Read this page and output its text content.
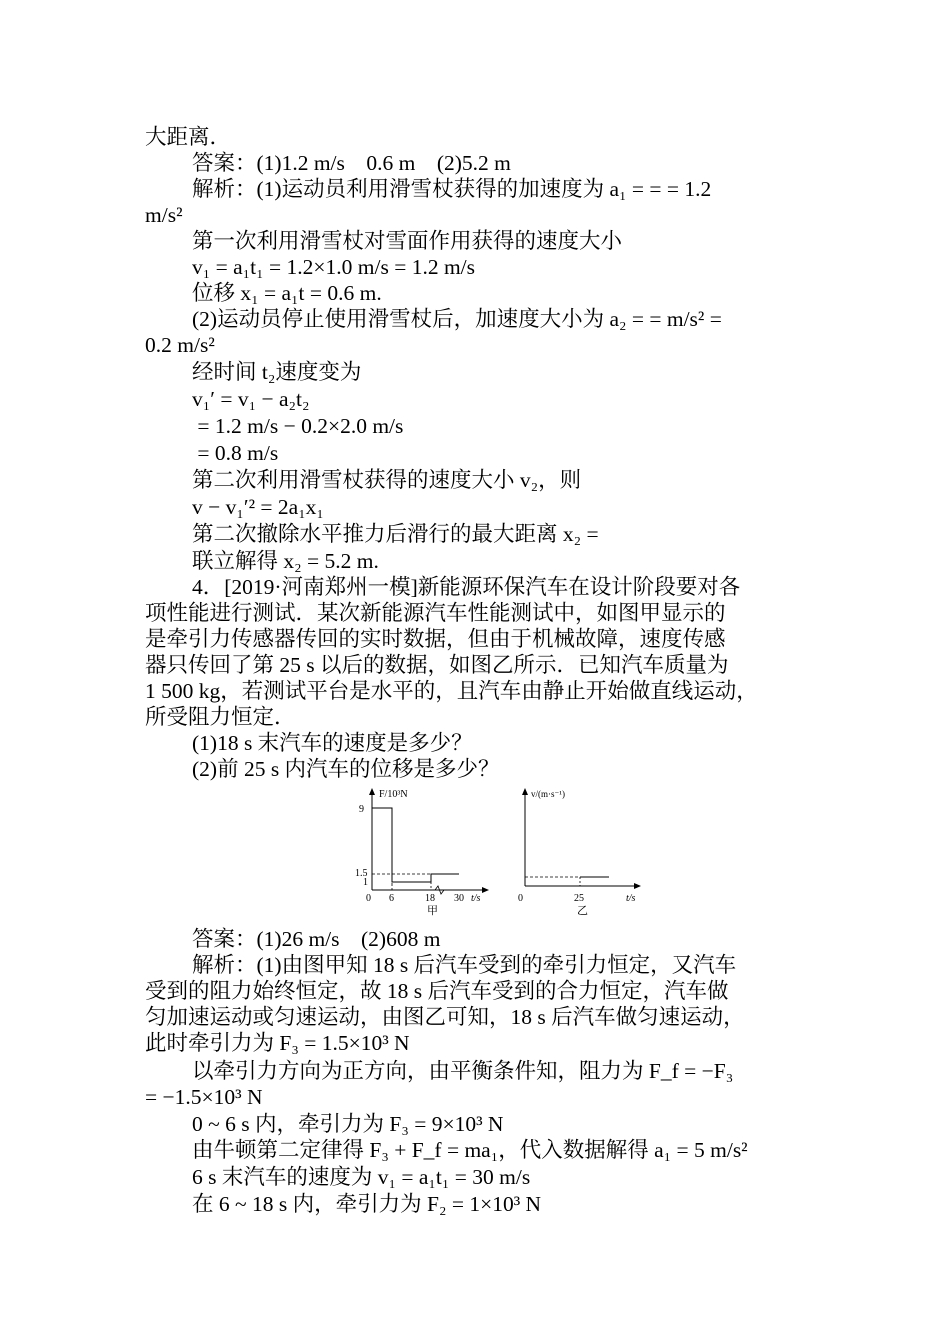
大距离．
答案：(1)1.2 m/s　0.6 m　(2)5.2 m
解析：(1)运动员利用滑雪杖获得的加速度为 a₁ = = = 1.2
m/s²
第一次利用滑雪杖对雪面作用获得的速度大小
v₁ = a₁t₁ = 1.2×1.0 m/s = 1.2 m/s
位移 x₁ = a₁t = 0.6 m.
(2)运动员停止使用滑雪杖后，加速度大小为 a₂ = = m/s² =
0.2 m/s²
经时间 t₂速度变为
v₁′ = v₁ − a₂t₂
= 1.2 m/s − 0.2×2.0 m/s
= 0.8 m/s
第二次利用滑雪杖获得的速度大小 v₂，则
v − v₁′² = 2a₁x₁
第二次撤除水平推力后滑行的最大距离 x₂ =
联立解得 x₂ = 5.2 m.
4．[2019·河南郑州一模]新能源环保汽车在设计阶段要对各
项性能进行测试．某次新能源汽车性能测试中，如图甲显示的
是牵引力传感器传回的实时数据，但由于机械故障，速度传感
器只传回了第 25 s 以后的数据，如图乙所示．已知汽车质量为
1 500 kg，若测试平台是水平的，且汽车由静止开始做直线运动，
所受阻力恒定．
(1)18 s 末汽车的速度是多少？
(2)前 25 s 内汽车的位移是多少？
F/10³N
9
1.5
1
0 6	18 30 t/s
甲
v/(m·s⁻¹)
0	25	t/s
乙
答案：(1)26 m/s　(2)608 m
解析：(1)由图甲知 18 s 后汽车受到的牵引力恒定，又汽车
受到的阻力始终恒定，故 18 s 后汽车受到的合力恒定，汽车做
匀加速运动或匀速运动，由图乙可知，18 s 后汽车做匀速运动，
此时牵引力为 F₃ = 1.5×10³ N
以牵引力方向为正方向，由平衡条件知，阻力为 F_f = −F₃
= −1.5×10³ N
0 ~ 6 s 内，牵引力为 F₃ = 9×10³ N
由牛顿第二定律得 F₃ + F_f = ma₁，代入数据解得 a₁ = 5 m/s²
6 s 末汽车的速度为 v₁ = a₁t₁ = 30 m/s
在 6 ~ 18 s 内，牵引力为 F₂ = 1×10³ N
